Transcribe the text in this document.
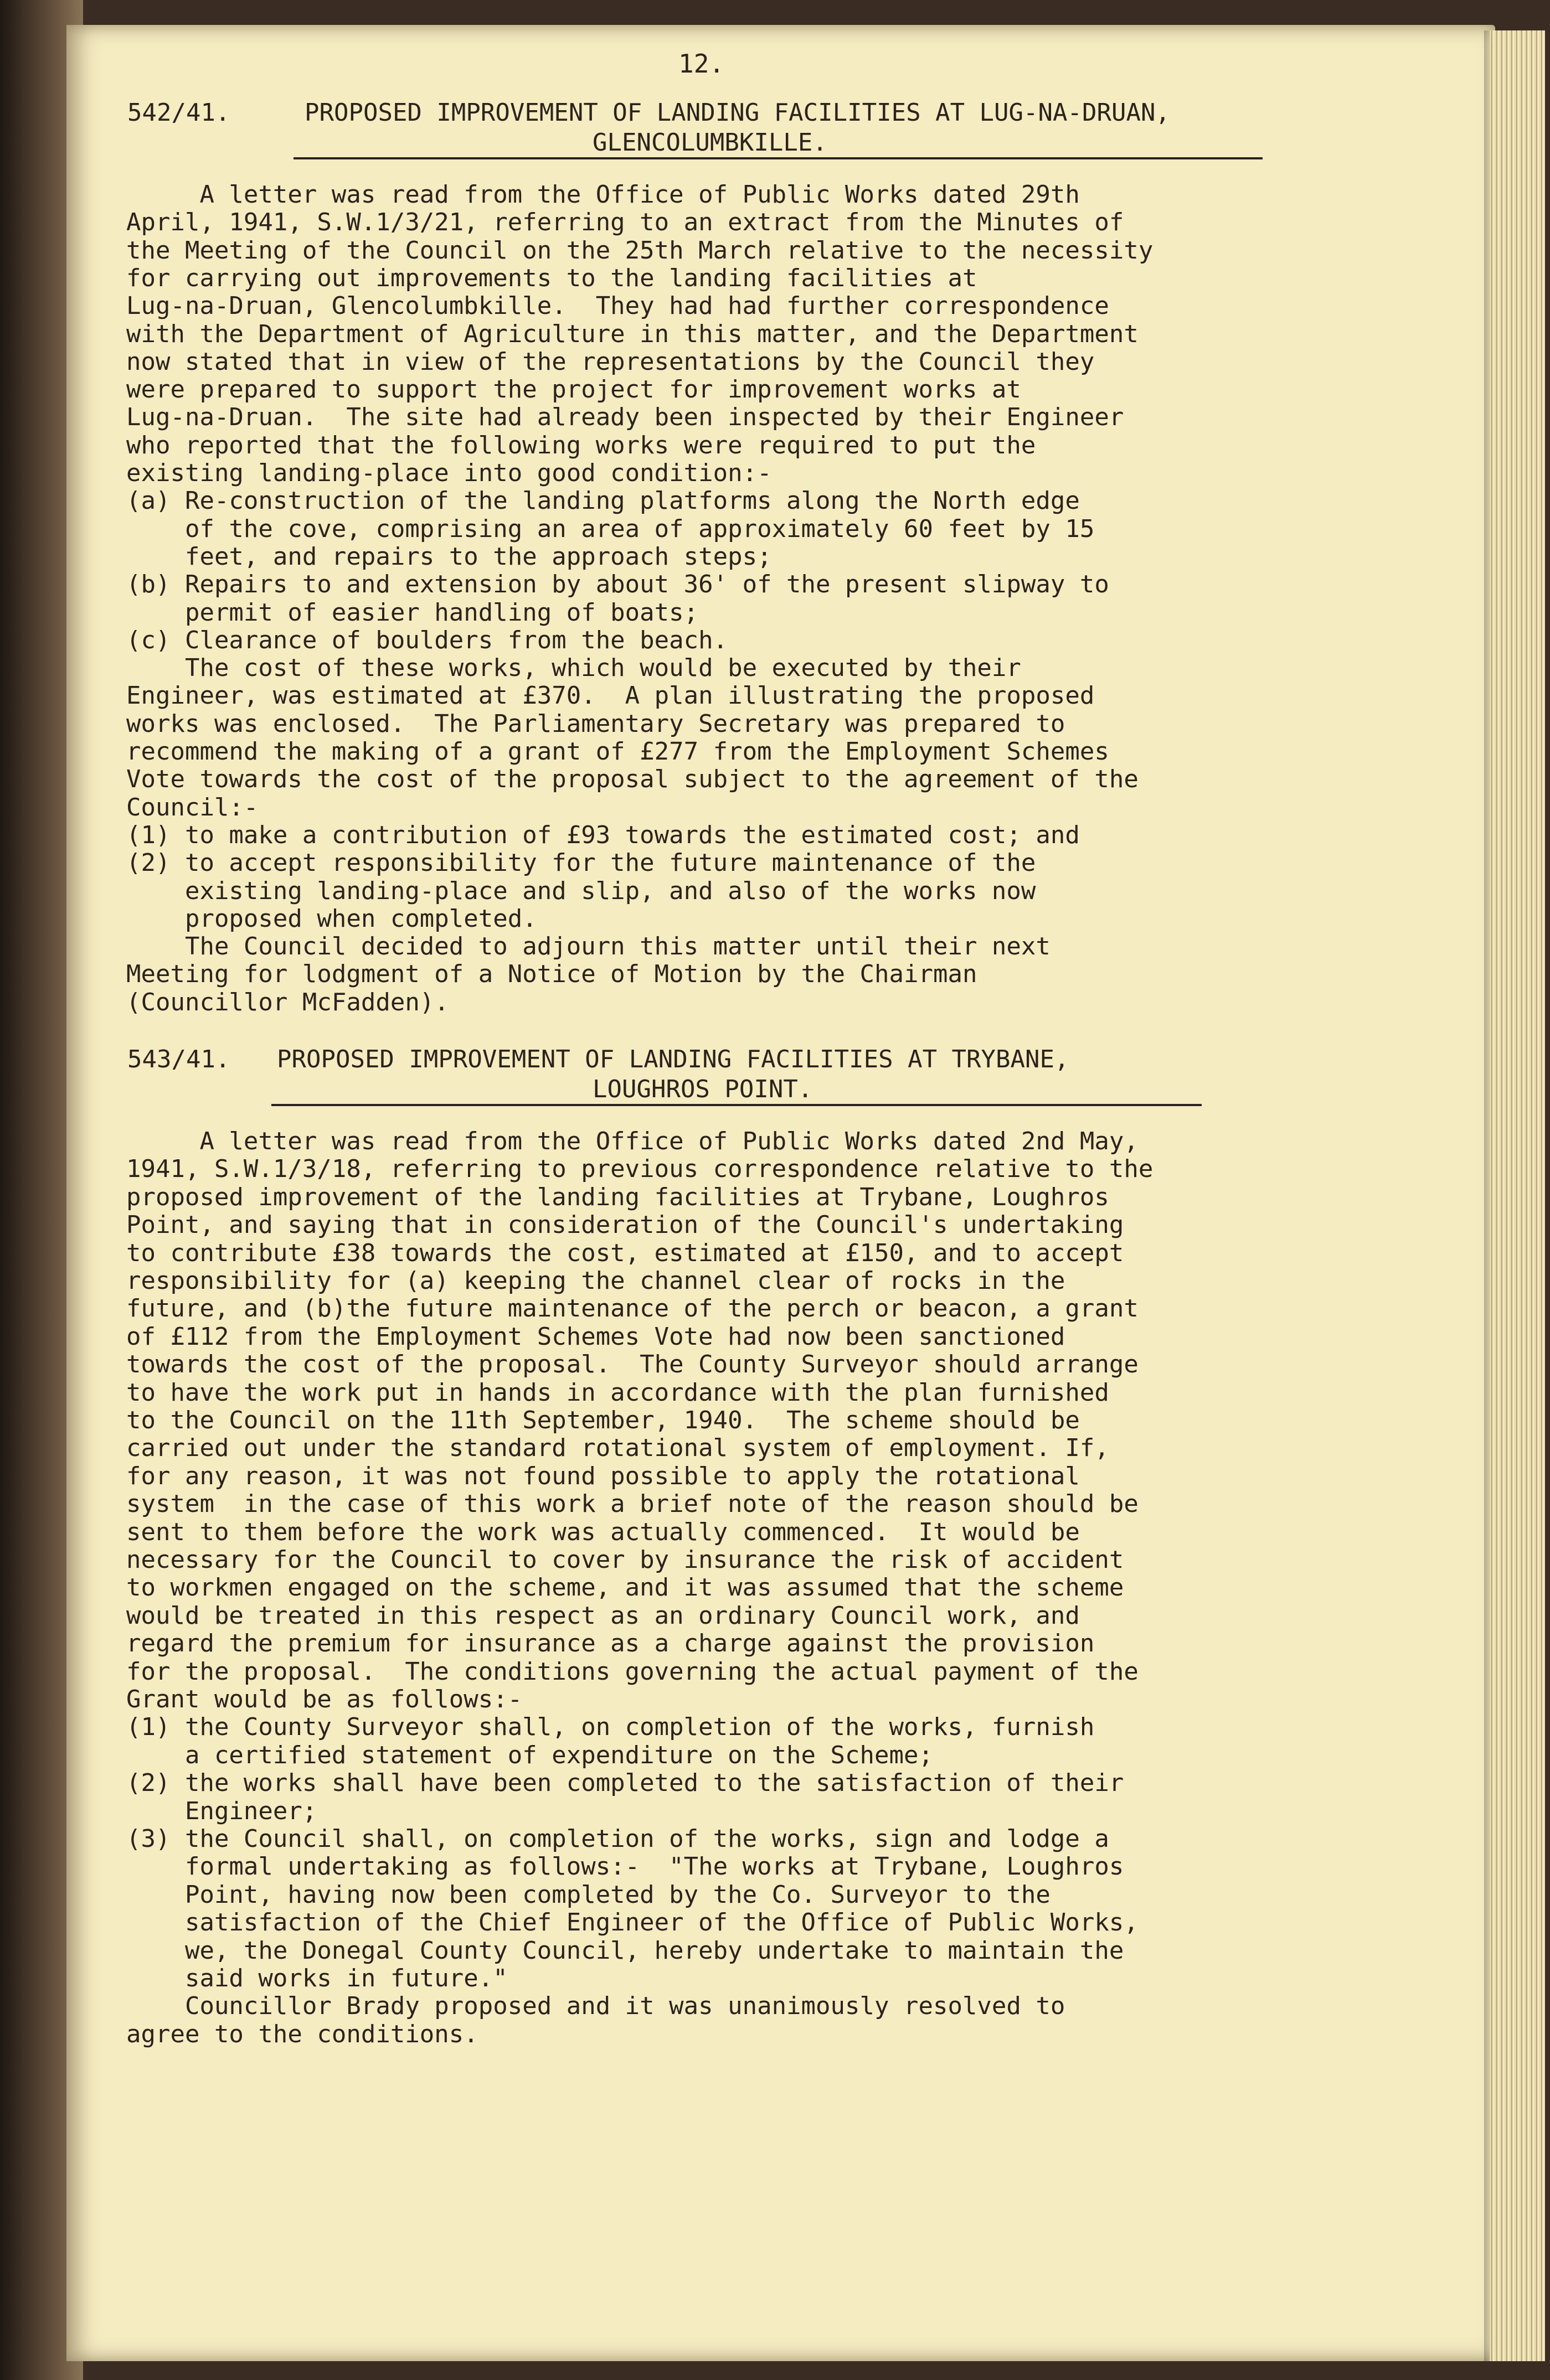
12.
542/41.	PROPOSED IMPROVEMENT OF LANDING FACILITIES AT LUG-NA-DRUAN,
GLENCOLUMBKILLE.
A letter was read from the Office of Public Works dated 29th
April, 1941, S.W.1/3/21, referring to an extract from the Minutes of
the Meeting of the Council on the 25th March relative to the necessity
for carrying out improvements to the landing facilities at
Lug-na-Druan, Glencolumbkille.  They had had further correspondence
with the Department of Agriculture in this matter, and the Department
now stated that in view of the representations by the Council they
were prepared to support the project for improvement works at
Lug-na-Druan.  The site had already been inspected by their Engineer
who reported that the following works were required to put the
existing landing-place into good condition:-
(a) Re-construction of the landing platforms along the North edge
of the cove, comprising an area of approximately 60 feet by 15
feet, and repairs to the approach steps;
(b) Repairs to and extension by about 36' of the present slipway to
permit of easier handling of boats;
(c) Clearance of boulders from the beach.
The cost of these works, which would be executed by their
Engineer, was estimated at £370.  A plan illustrating the proposed
works was enclosed.  The Parliamentary Secretary was prepared to
recommend the making of a grant of £277 from the Employment Schemes
Vote towards the cost of the proposal subject to the agreement of the
Council:-
(1) to make a contribution of £93 towards the estimated cost; and
(2) to accept responsibility for the future maintenance of the
existing landing-place and slip, and also of the works now
proposed when completed.
The Council decided to adjourn this matter until their next
Meeting for lodgment of a Notice of Motion by the Chairman
(Councillor McFadden).
543/41. PROPOSED IMPROVEMENT OF LANDING FACILITIES AT TRYBANE,
LOUGHROS POINT.
A letter was read from the Office of Public Works dated 2nd May,
1941, S.W.1/3/18, referring to previous correspondence relative to the
proposed improvement of the landing facilities at Trybane, Loughros
Point, and saying that in consideration of the Council's undertaking
to contribute £38 towards the cost, estimated at £150, and to accept
responsibility for (a) keeping the channel clear of rocks in the
future, and (b)the future maintenance of the perch or beacon, a grant
of £112 from the Employment Schemes Vote had now been sanctioned
towards the cost of the proposal.  The County Surveyor should arrange
to have the work put in hands in accordance with the plan furnished
to the Council on the 11th September, 1940.  The scheme should be
carried out under the standard rotational system of employment. If,
for any reason, it was not found possible to apply the rotational
system  in the case of this work a brief note of the reason should be
sent to them before the work was actually commenced.  It would be
necessary for the Council to cover by insurance the risk of accident
to workmen engaged on the scheme, and it was assumed that the scheme
would be treated in this respect as an ordinary Council work, and
regard the premium for insurance as a charge against the provision
for the proposal.  The conditions governing the actual payment of the
Grant would be as follows:-
(1) the County Surveyor shall, on completion of the works, furnish
a certified statement of expenditure on the Scheme;
(2) the works shall have been completed to the satisfaction of their
Engineer;
(3) the Council shall, on completion of the works, sign and lodge a
formal undertaking as follows:-  "The works at Trybane, Loughros
Point, having now been completed by the Co. Surveyor to the
satisfaction of the Chief Engineer of the Office of Public Works,
we, the Donegal County Council, hereby undertake to maintain the
said works in future."
Councillor Brady proposed and it was unanimously resolved to
agree to the conditions.
